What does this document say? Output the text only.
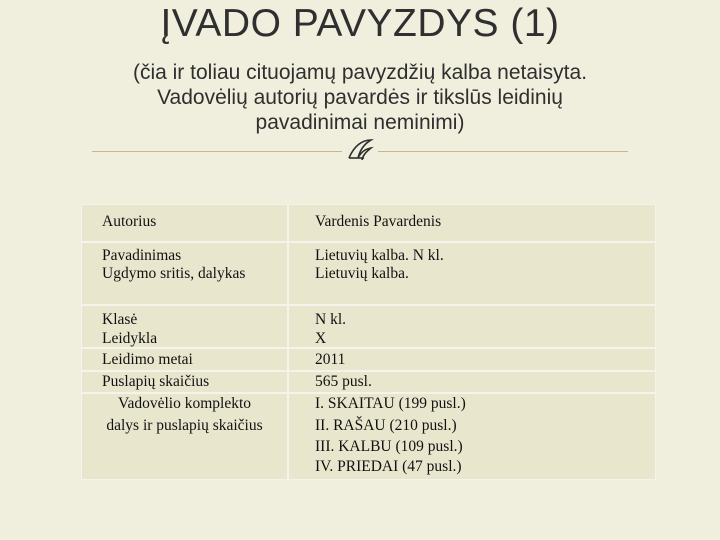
ĮVADO PAVYZDYS (1)
(čia ir toliau cituojamų pavyzdžių kalba netaisyta.
Vadovėlių autorių pavardės ir tikslūs leidinių
pavadinimai neminimi)
Autorius	Vardenis Pavardenis
Pavadinimas	Lietuvių kalba. N kl.
Ugdymo sritis, dalykas	Lietuvių kalba.
Klasė	N kl.
Leidykla	X
Leidimo metai	2011
Puslapių skaičius	565 pusl.
Vadovėlio komplekto	I. SKAITAU (199 pusl.)
dalys ir puslapių skaičius	II. RAŠAU (210 pusl.)
III. KALBU (109 pusl.)
IV. PRIEDAI (47 pusl.)
